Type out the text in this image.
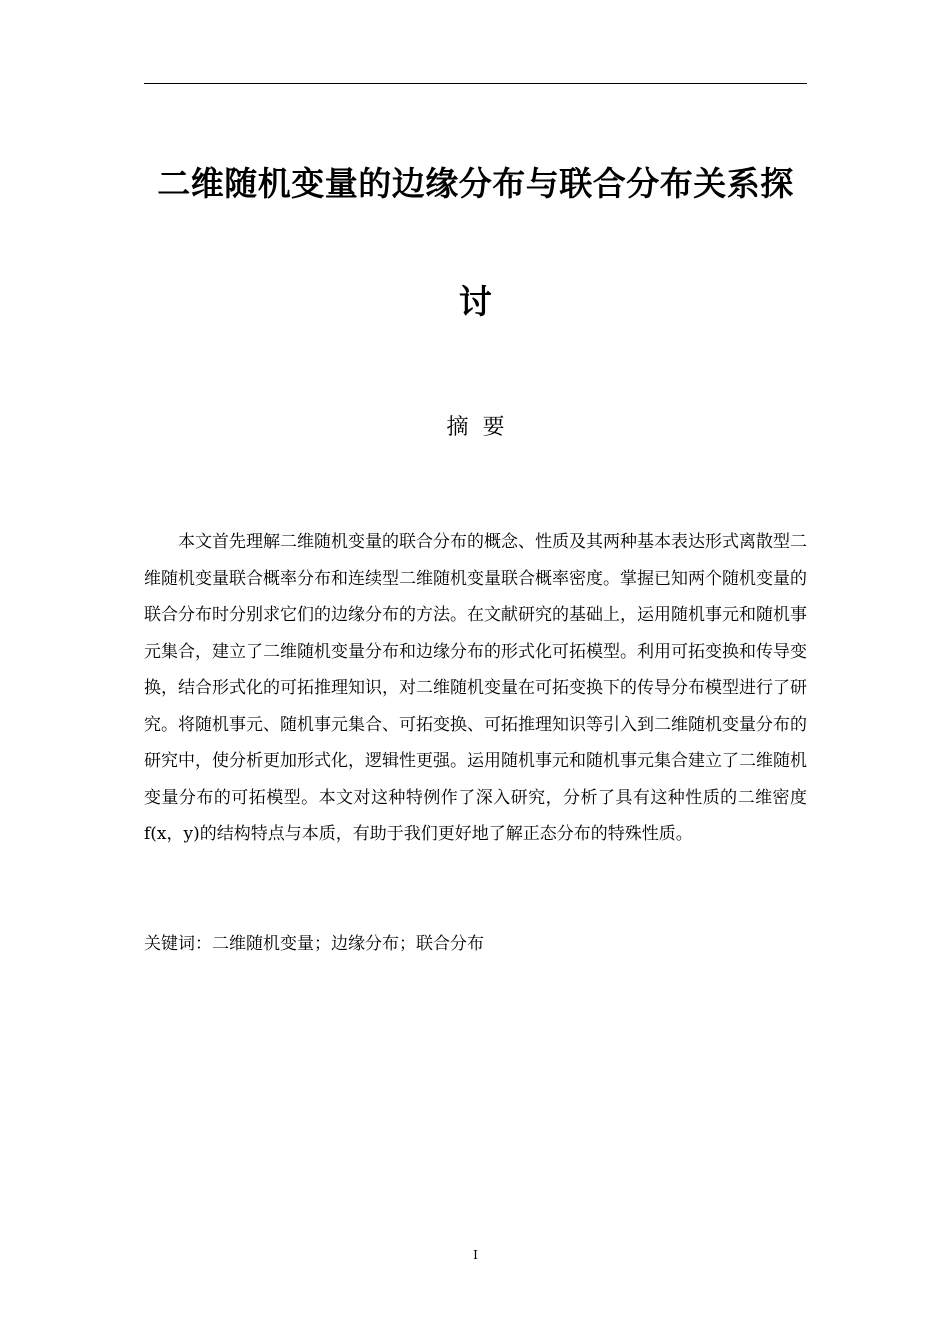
二维随机变量的边缘分布与联合分布关系探
讨
摘要

本文首先理解二维随机变量的联合分布的概念、性质及其两种基本表达形式离散型二维随机变量联合概率分布和连续型二维随机变量联合概率密度。掌握已知两个随机变量的联合分布时分别求它们的边缘分布的方法。在文献研究的基础上，运用随机事元和随机事元集合，建立了二维随机变量分布和边缘分布的形式化可拓模型。利用可拓变换和传导变换，结合形式化的可拓推理知识，对二维随机变量在可拓变换下的传导分布模型进行了研究。将随机事元、随机事元集合、可拓变换、可拓推理知识等引入到二维随机变量分布的研究中，使分析更加形式化，逻辑性更强。运用随机事元和随机事元集合建立了二维随机变量分布的可拓模型。本文对这种特例作了深入研究，分析了具有这种性质的二维密度 f(x，y)的结构特点与本质，有助于我们更好地了解正态分布的特殊性质。

关键词：二维随机变量；边缘分布；联合分布
I
